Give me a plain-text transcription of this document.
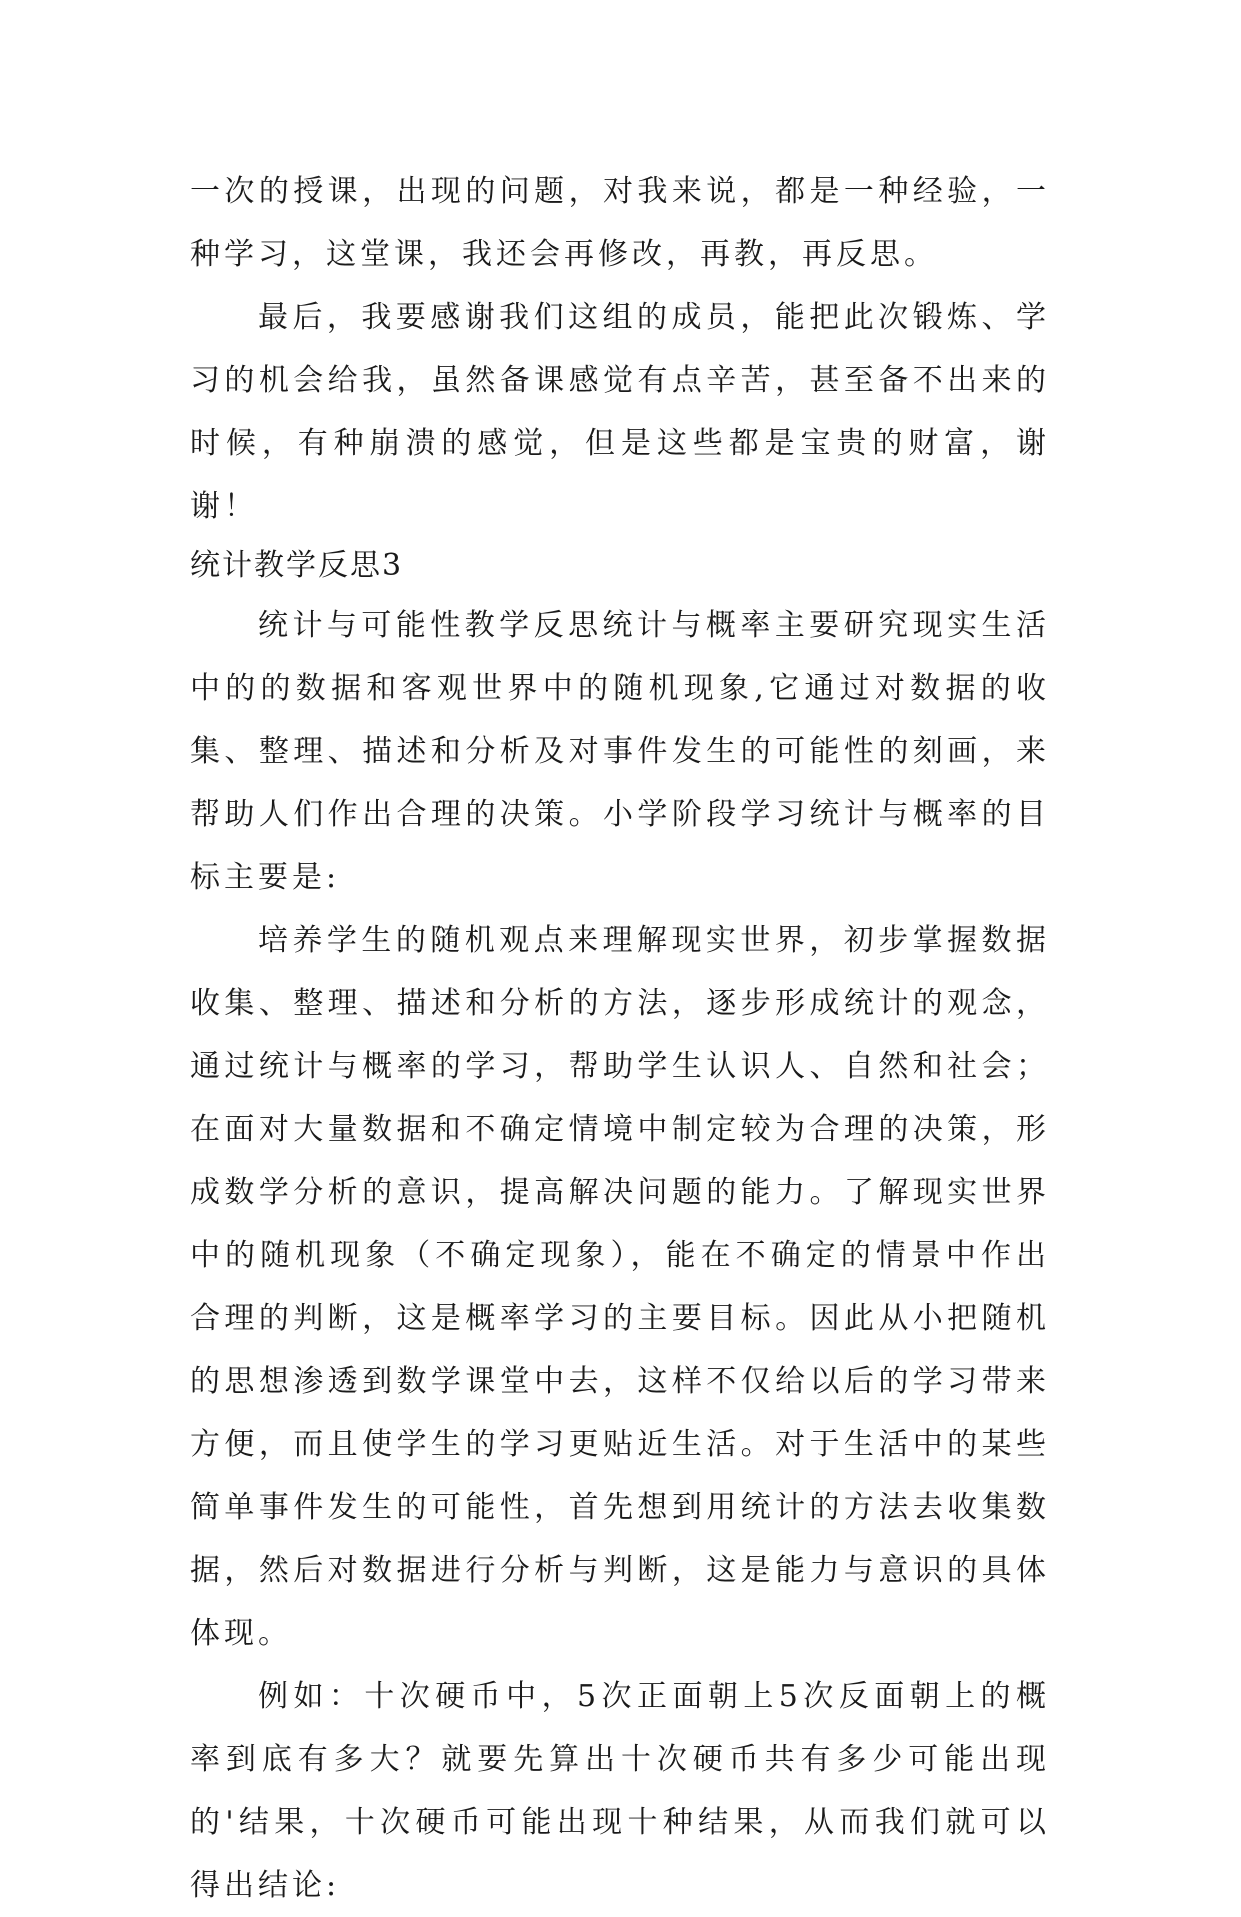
一次的授课，出现的问题，对我来说，都是一种经验，一种学习，这堂课，我还会再修改，再教，再反思。

最后，我要感谢我们这组的成员，能把此次锻炼、学习的机会给我，虽然备课感觉有点辛苦，甚至备不出来的时候，有种崩溃的感觉，但是这些都是宝贵的财富，谢谢！

统计教学反思3

统计与可能性教学反思统计与概率主要研究现实生活中的的数据和客观世界中的随机现象,它通过对数据的收集、整理、描述和分析及对事件发生的可能性的刻画，来帮助人们作出合理的决策。小学阶段学习统计与概率的目标主要是:

培养学生的随机观点来理解现实世界，初步掌握数据收集、整理、描述和分析的方法，逐步形成统计的观念，通过统计与概率的学习，帮助学生认识人、自然和社会；在面对大量数据和不确定情境中制定较为合理的决策，形成数学分析的意识，提高解决问题的能力。了解现实世界中的随机现象（不确定现象），能在不确定的情景中作出合理的判断，这是概率学习的主要目标。因此从小把随机的思想渗透到数学课堂中去，这样不仅给以后的学习带来方便，而且使学生的学习更贴近生活。对于生活中的某些简单事件发生的可能性，首先想到用统计的方法去收集数据，然后对数据进行分析与判断，这是能力与意识的具体体现。

例如：十次硬币中，5次正面朝上5次反面朝上的概率到底有多大？就要先算出十次硬币共有多少可能出现的'结果，十次硬币可能出现十种结果，从而我们就可以得出结论:
